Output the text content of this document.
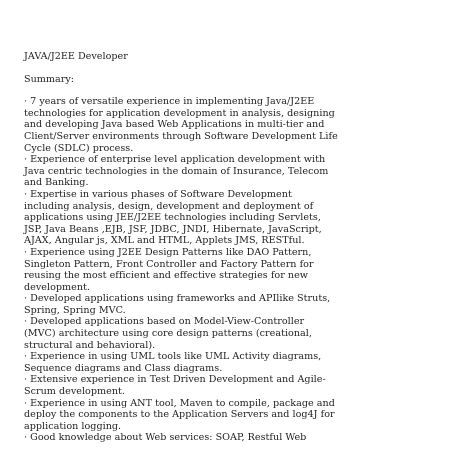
JAVA/J2EE Developer
Summary:

· 7 years of versatile experience in implementing Java/J2EE
technologies for application development in analysis, designing
and developing Java based Web Applications in multi-tier and
Client/Server environments through Software Development Life
Cycle (SDLC) process.

· Experience of enterprise level application development with
Java centric technologies in the domain of Insurance, Telecom
and Banking.

· Expertise in various phases of Software Development
including analysis, design, development and deployment of
applications using JEE/J2EE technologies including Servlets,
JSP, Java Beans ,EJB, JSF, JDBC, JNDI, Hibernate, JavaScript,
AJAX, Angular js, XML and HTML, Applets JMS, RESTful.

· Experience using J2EE Design Patterns like DAO Pattern,
Singleton Pattern, Front Controller and Factory Pattern for
reusing the most efficient and effective strategies for new
development.

· Developed applications using frameworks and APIlike Struts,
Spring, Spring MVC.

· Developed applications based on Model-View-Controller
(MVC) architecture using core design patterns (creational,
structural and behavioral).

· Experience in using UML tools like UML Activity diagrams,
Sequence diagrams and Class diagrams.

· Extensive experience in Test Driven Development and Agile-
Scrum development.

· Experience in using ANT tool, Maven to compile, package and
deploy the components to the Application Servers and log4J for
application logging.

· Good knowledge about Web services: SOAP, Restful Web
